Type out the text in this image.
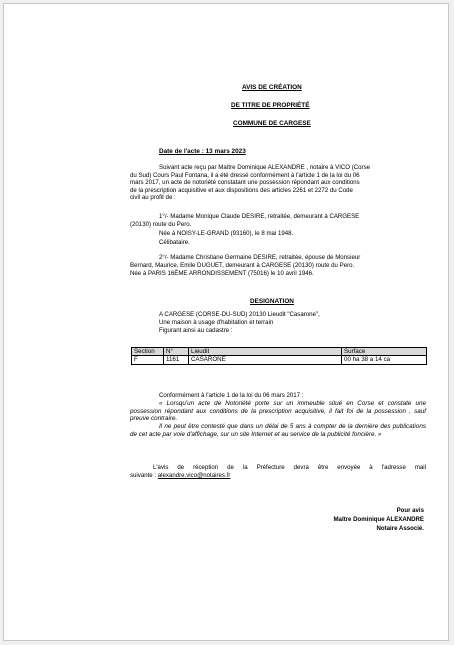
AVIS DE CRÉATION
DE TITRE DE PROPRIÉTÉ
COMMUNE DE CARGESE
Date de l'acte : 13 mars 2023
Suivant acte reçu par Maître Dominique ALEXANDRE , notaire à VICO (Corse
du Sud) Cours Paul Fontana, il a été dressé conformément à l'article 1 de la loi du 06
mars 2017, un acte de notoriété constatant une possession répondant aux conditions
de la prescription acquisitive et aux dispositions des articles 2261 et 2272 du Code
civil au profit de :
1°/- Madame Monique Claude DESIRE, retraitée, demeurant à CARGESE
(20130) route du Pero.
Née à NOISY-LE-GRAND (93160), le 8 mai 1948.
Célibataire.
2°/- Madame Christiane Germaine DESIRE, retraitée, épouse de Monsieur
Bernard, Maurice, Emile DUGUET, demeurant à CARGESE (20130) route du Pero.
Née à PARIS 16ÈME ARRONDISSEMENT (75016) le 10 avril 1946.
DESIGNATION
A CARGESE (CORSE-DU-SUD) 20130 Lieudit "Casarone",
Une maison à usage d'habitation et terrain
Figurant ainsi au cadastre :
Section	N°	Lieudit	Surface
F	1161	CASARONE	00 ha 38 a 14 ca
Conformément à l'article 1 de la loi du 06 mars 2017 :
« Lorsqu'un acte de Notoriété porte sur un immeuble situé en Corse et constate une possession répondant aux conditions de la prescription acquisitive, il fait foi de la possession , sauf preuve contraire.
Il ne peut être contesté que dans un délai de 5 ans à compter de la dernière des publications de cet acte par voie d'affichage, sur un site Internet et au service de la publicité foncière. »
L'avis de réception de la Préfecture devra être envoyée à l'adresse mail
suivante : alexandre.vico@notaires.fr
Pour avis
Maître Dominique ALEXANDRE
Notaire Associé.
